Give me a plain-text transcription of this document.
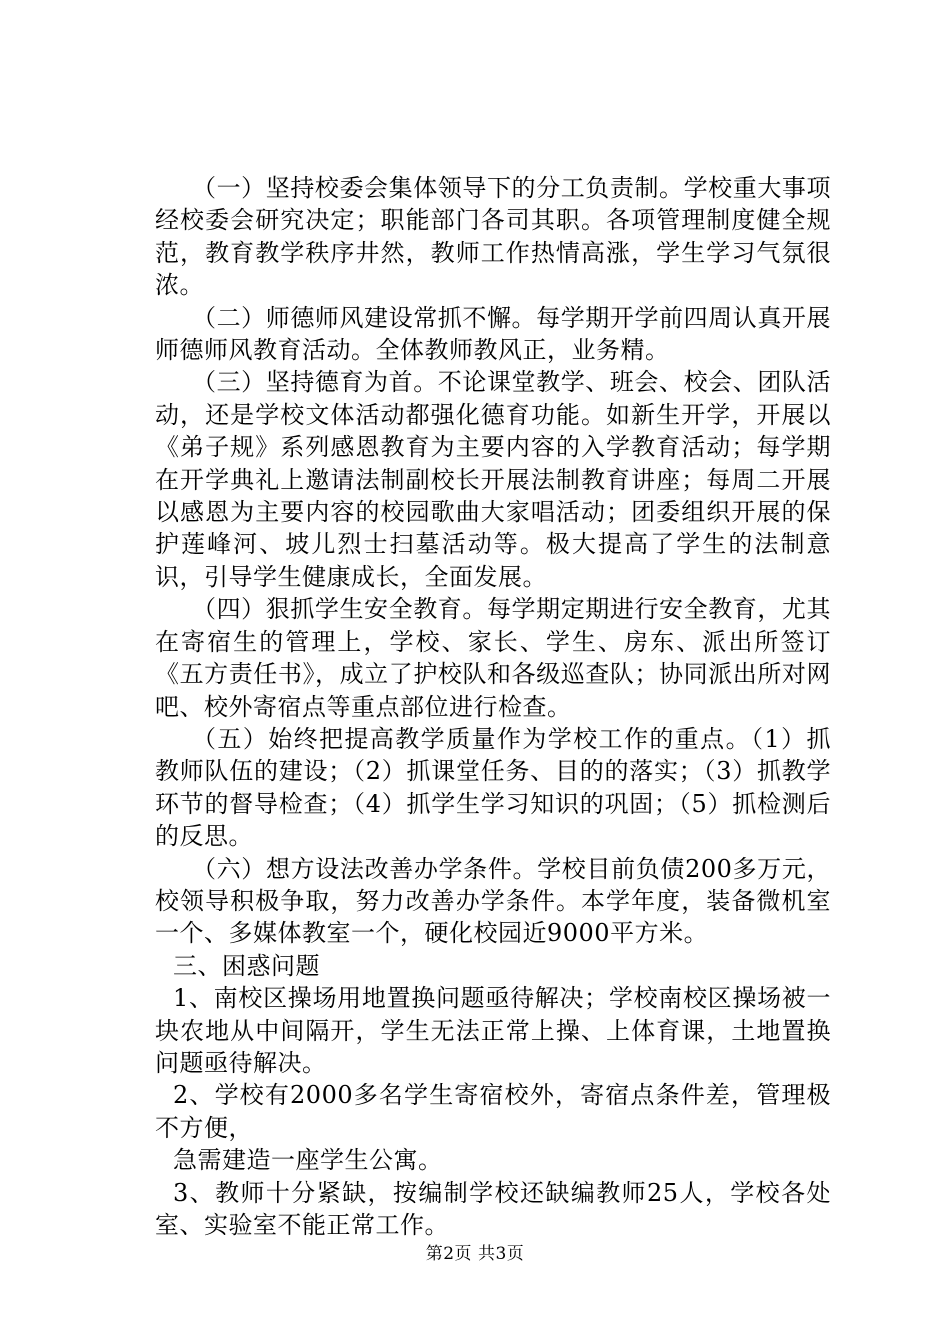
（一）坚持校委会集体领导下的分工负责制。学校重大事项经校委会研究决定；职能部门各司其职。各项管理制度健全规范，教育教学秩序井然，教师工作热情高涨，学生学习气氛很浓。

（二）师德师风建设常抓不懈。每学期开学前四周认真开展师德师风教育活动。全体教师教风正，业务精。

（三）坚持德育为首。不论课堂教学、班会、校会、团队活动，还是学校文体活动都强化德育功能。如新生开学，开展以《弟子规》系列感恩教育为主要内容的入学教育活动；每学期在开学典礼上邀请法制副校长开展法制教育讲座；每周二开展以感恩为主要内容的校园歌曲大家唱活动；团委组织开展的保护莲峰河、坡儿烈士扫墓活动等。极大提高了学生的法制意识，引导学生健康成长，全面发展。

（四）狠抓学生安全教育。每学期定期进行安全教育，尤其在寄宿生的管理上，学校、家长、学生、房东、派出所签订《五方责任书》，成立了护校队和各级巡查队；协同派出所对网吧、校外寄宿点等重点部位进行检查。

（五）始终把提高教学质量作为学校工作的重点。（1）抓教师队伍的建设；（2）抓课堂任务、目的的落实；（3）抓教学环节的督导检查；（4）抓学生学习知识的巩固；（5）抓检测后的反思。

（六）想方设法改善办学条件。学校目前负债200多万元，校领导积极争取，努力改善办学条件。本学年度，装备微机室一个、多媒体教室一个，硬化校园近9000平方米。

三、困惑问题

1、南校区操场用地置换问题亟待解决；学校南校区操场被一块农地从中间隔开，学生无法正常上操、上体育课，土地置换问题亟待解决。

2、学校有2000多名学生寄宿校外，寄宿点条件差，管理极不方便，

急需建造一座学生公寓。

3、教师十分紧缺，按编制学校还缺编教师25人，学校各处室、实验室不能正常工作。

第2页 共3页
